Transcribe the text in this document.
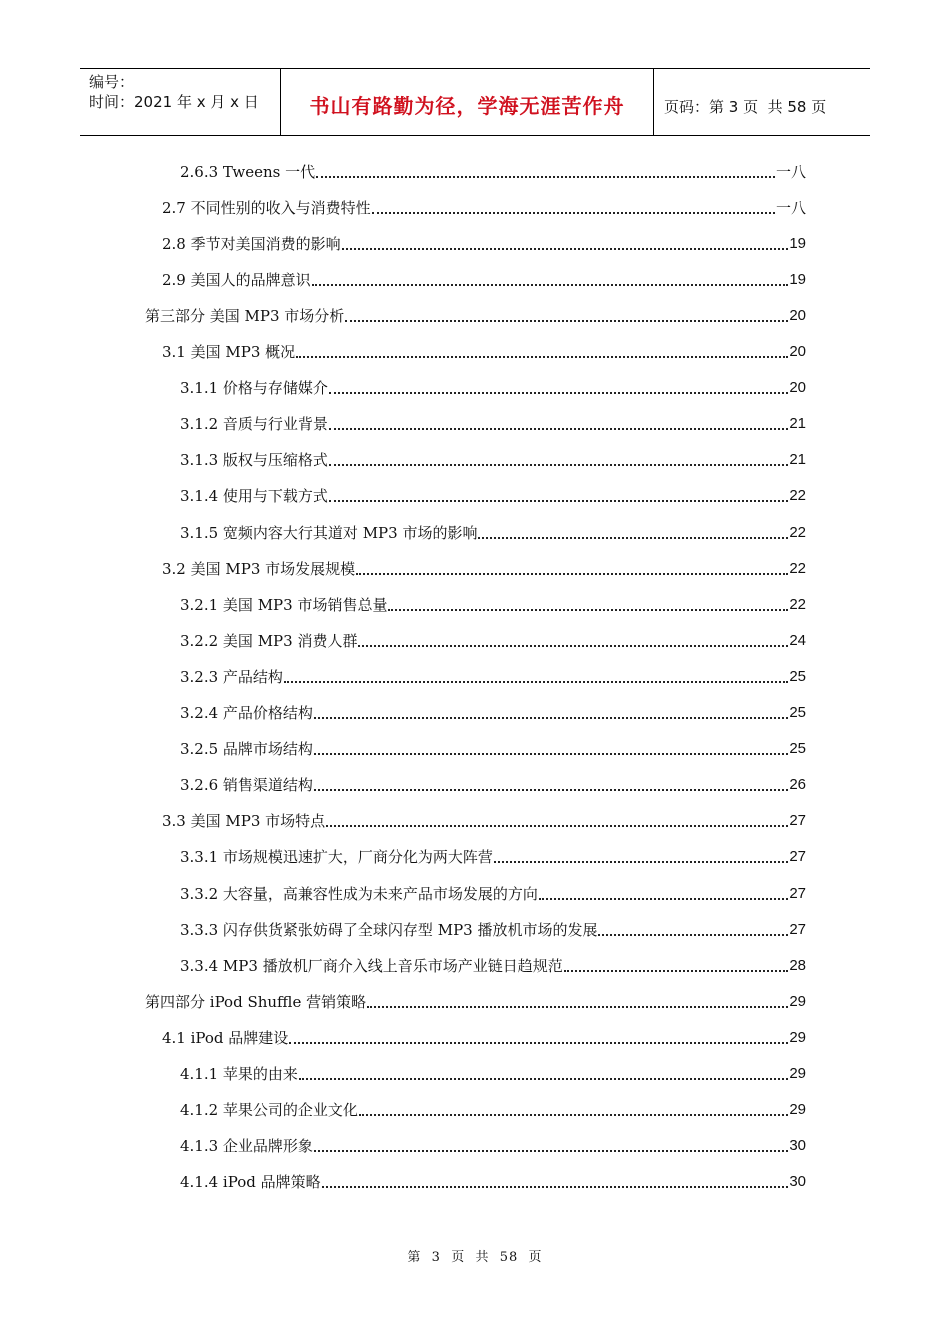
编号：
时间：2021 年 x 月 x 日	书山有路勤为径，学海无涯苦作舟	页码：第 3 页  共 58 页
2.6.3 Tweens 一代	一八
2.7 不同性别的收入与消费特性	一八
2.8 季节对美国消费的影响	19
2.9 美国人的品牌意识	19
第三部分 美国 MP3 市场分析	20
3.1 美国 MP3 概况	20
3.1.1 价格与存储媒介	20
3.1.2 音质与行业背景	21
3.1.3 版权与压缩格式	21
3.1.4 使用与下载方式	22
3.1.5 宽频内容大行其道对 MP3 市场的影响	22
3.2 美国 MP3 市场发展规模	22
3.2.1 美国 MP3 市场销售总量	22
3.2.2 美国 MP3 消费人群	24
3.2.3 产品结构	25
3.2.4 产品价格结构	25
3.2.5 品牌市场结构	25
3.2.6 销售渠道结构	26
3.3 美国 MP3 市场特点	27
3.3.1 市场规模迅速扩大，厂商分化为两大阵营	27
3.3.2 大容量，高兼容性成为未来产品市场发展的方向	27
3.3.3 闪存供货紧张妨碍了全球闪存型 MP3 播放机市场的发展	27
3.3.4 MP3 播放机厂商介入线上音乐市场产业链日趋规范	28
第四部分 iPod Shuffle 营销策略	29
4.1 iPod 品牌建设	29
4.1.1 苹果的由来	29
4.1.2 苹果公司的企业文化	29
4.1.3 企业品牌形象	30
4.1.4 iPod 品牌策略	30
第  3  页  共  58  页
